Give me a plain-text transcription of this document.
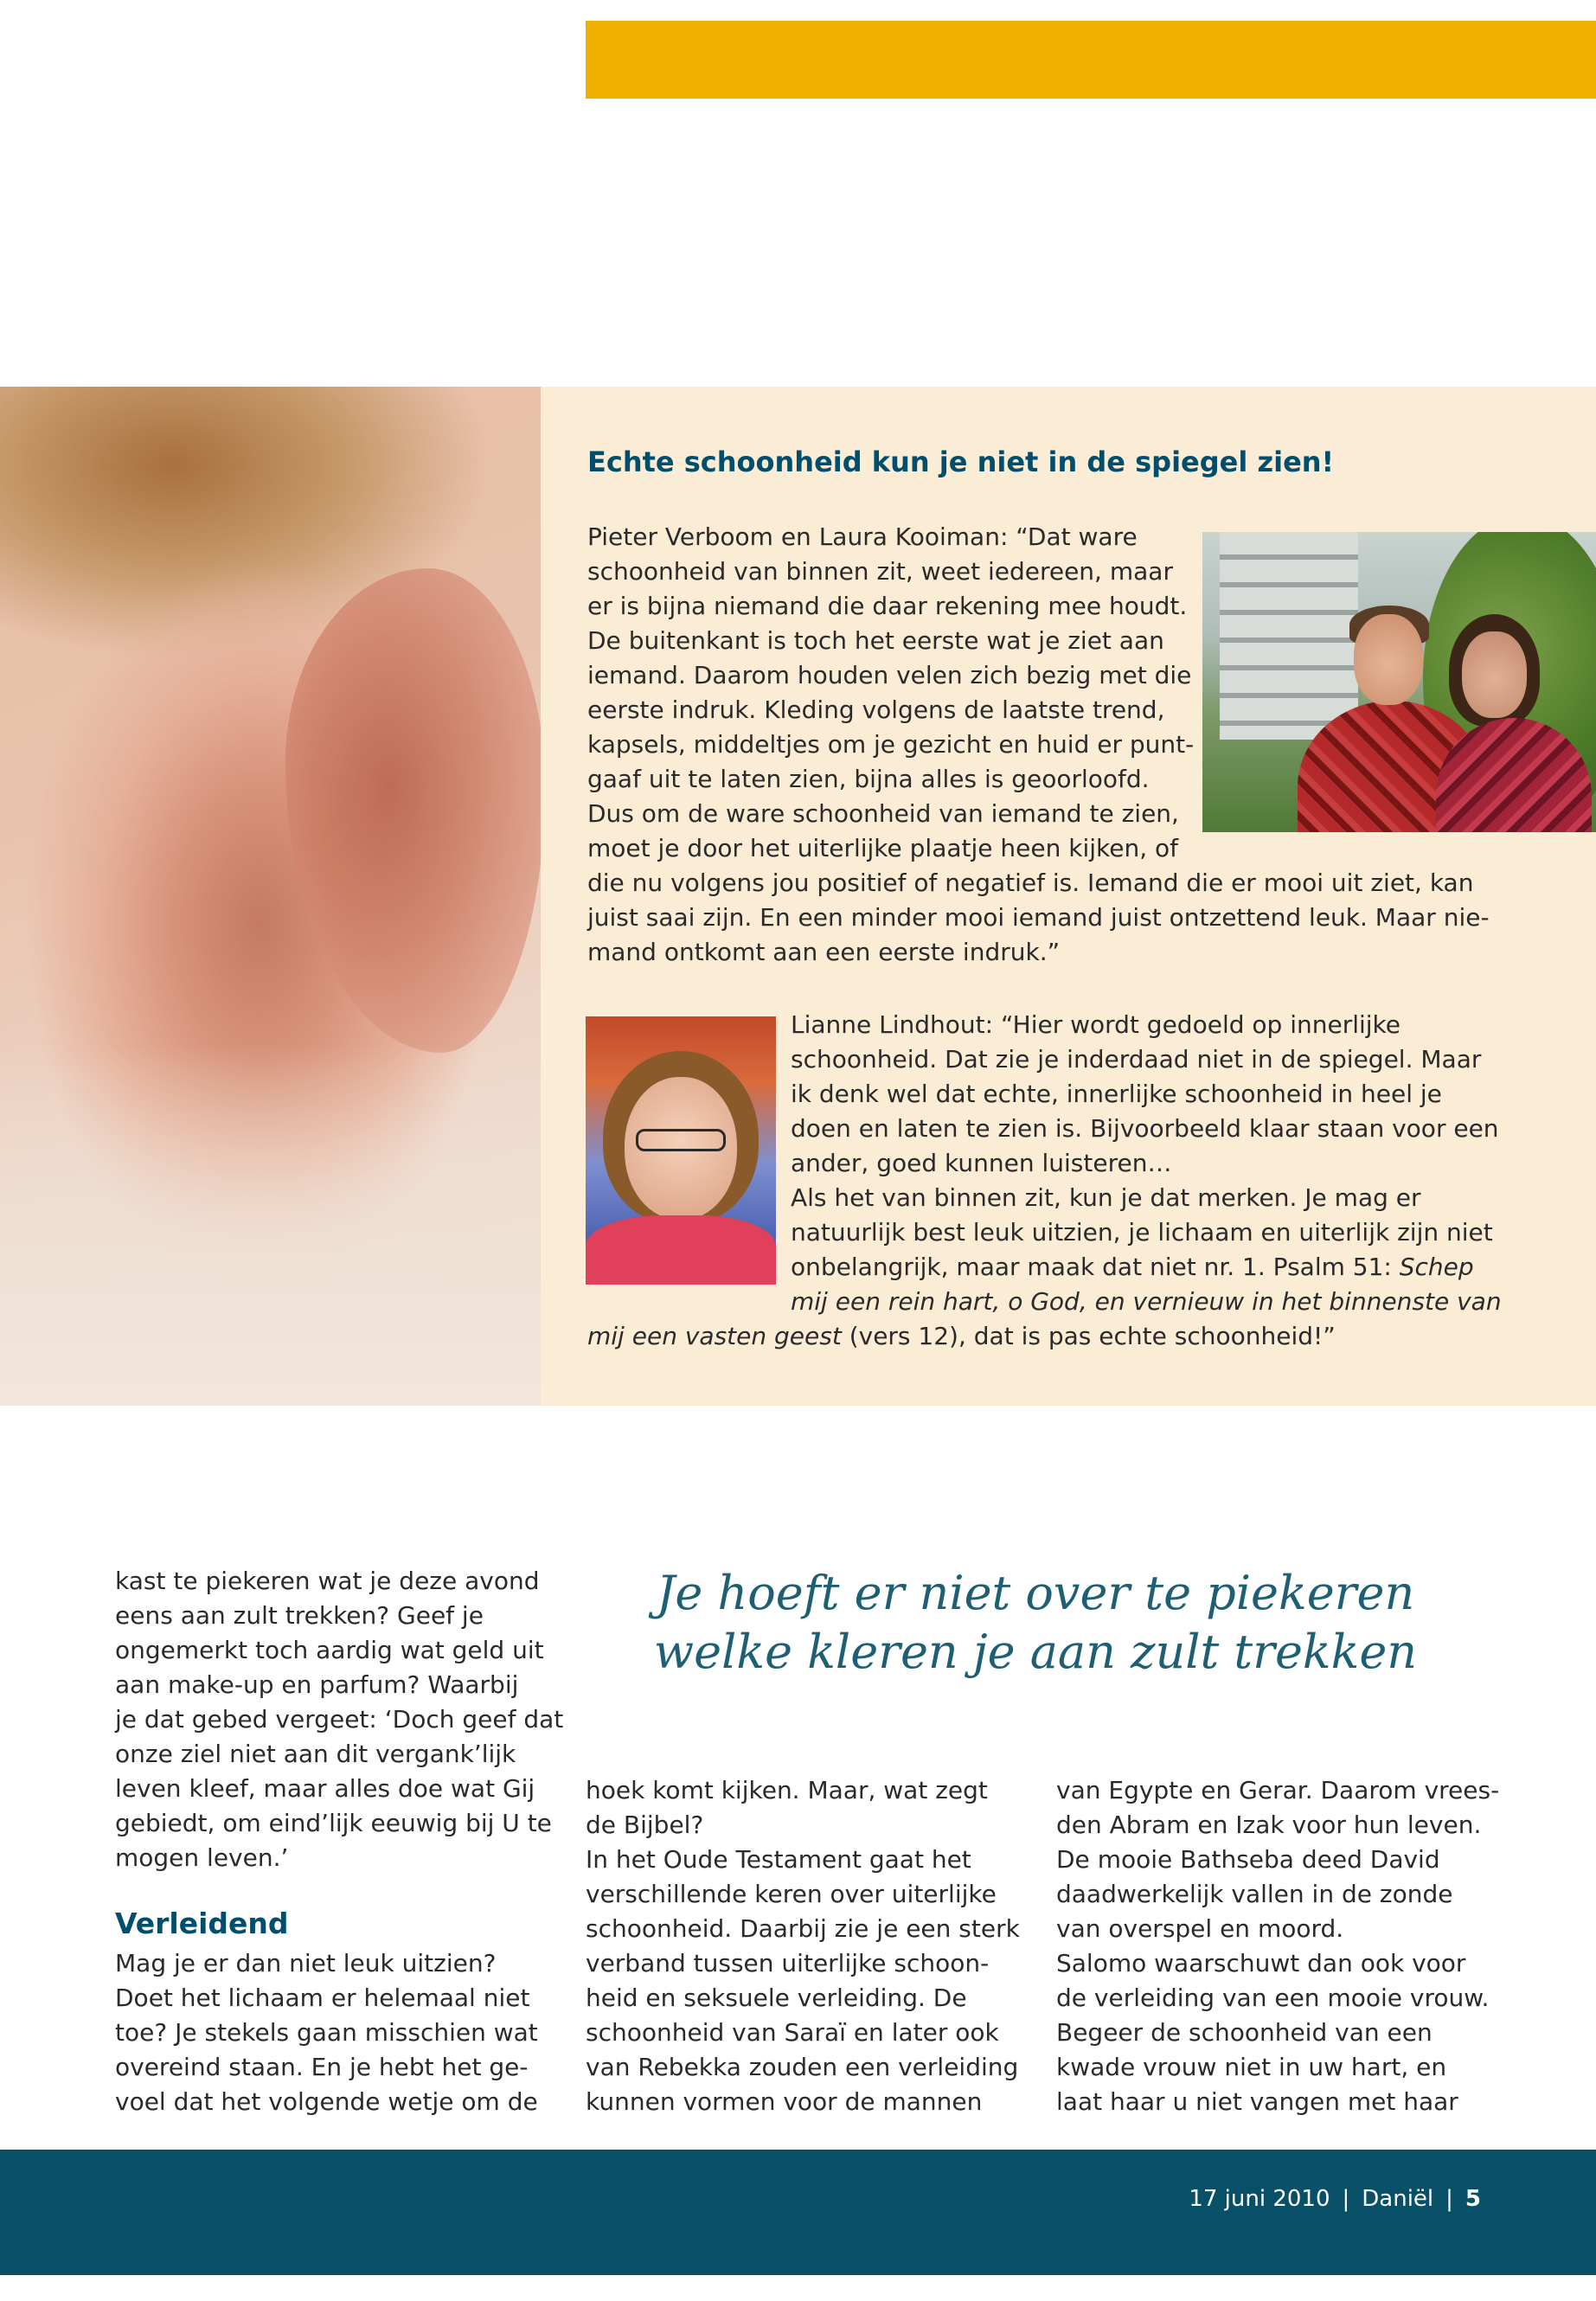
Echte schoonheid kun je niet in de spiegel zien!

Pieter Verboom en Laura Kooiman: “Dat ware

schoonheid van binnen zit, weet iedereen, maar

er is bijna niemand die daar rekening mee houdt.

De buitenkant is toch het eerste wat je ziet aan

iemand. Daarom houden velen zich bezig met die

eerste indruk. Kleding volgens de laatste trend,

kapsels, middeltjes om je gezicht en huid er punt-

gaaf uit te laten zien, bijna alles is geoorloofd.

Dus om de ware schoonheid van iemand te zien,

moet je door het uiterlijke plaatje heen kijken, of

die nu volgens jou positief of negatief is. Iemand die er mooi uit ziet, kan

juist saai zijn. En een minder mooi iemand juist ontzettend leuk. Maar nie-

mand ontkomt aan een eerste indruk.”

Lianne Lindhout: “Hier wordt gedoeld op innerlijke

schoonheid. Dat zie je inderdaad niet in de spiegel. Maar

ik denk wel dat echte, innerlijke schoonheid in heel je

doen en laten te zien is. Bijvoorbeeld klaar staan voor een

ander, goed kunnen luisteren…

Als het van binnen zit, kun je dat merken. Je mag er

natuurlijk best leuk uitzien, je lichaam en uiterlijk zijn niet

onbelangrijk, maar maak dat niet nr. 1. Psalm 51: Schep

mij een rein hart, o God, en vernieuw in het binnenste van

mij een vasten geest (vers 12), dat is pas echte schoonheid!”

Je hoeft er niet over te piekeren

welke kleren je aan zult trekken

kast te piekeren wat je deze avond

eens aan zult trekken? Geef je

ongemerkt toch aardig wat geld uit

aan make-up en parfum? Waarbij

je dat gebed vergeet: ‘Doch geef dat

onze ziel niet aan dit vergank’lijk

leven kleef, maar alles doe wat Gij

gebiedt, om eind’lijk eeuwig bij U te

mogen leven.’

Verleidend

Mag je er dan niet leuk uitzien?

Doet het lichaam er helemaal niet

toe? Je stekels gaan misschien wat

overeind staan. En je hebt het ge-

voel dat het volgende wetje om de

hoek komt kijken. Maar, wat zegt

de Bijbel?

In het Oude Testament gaat het

verschillende keren over uiterlijke

schoonheid. Daarbij zie je een sterk

verband tussen uiterlijke schoon-

heid en seksuele verleiding. De

schoonheid van Saraï en later ook

van Rebekka zouden een verleiding

kunnen vormen voor de mannen

van Egypte en Gerar. Daarom vrees-

den Abram en Izak voor hun leven.

De mooie Bathseba deed David

daadwerkelijk vallen in de zonde

van overspel en moord.

Salomo waarschuwt dan ook voor

de verleiding van een mooie vrouw.

Begeer de schoonheid van een

kwade vrouw niet in uw hart, en

laat haar u niet vangen met haar

17 juni 2010 | Daniël | 5
